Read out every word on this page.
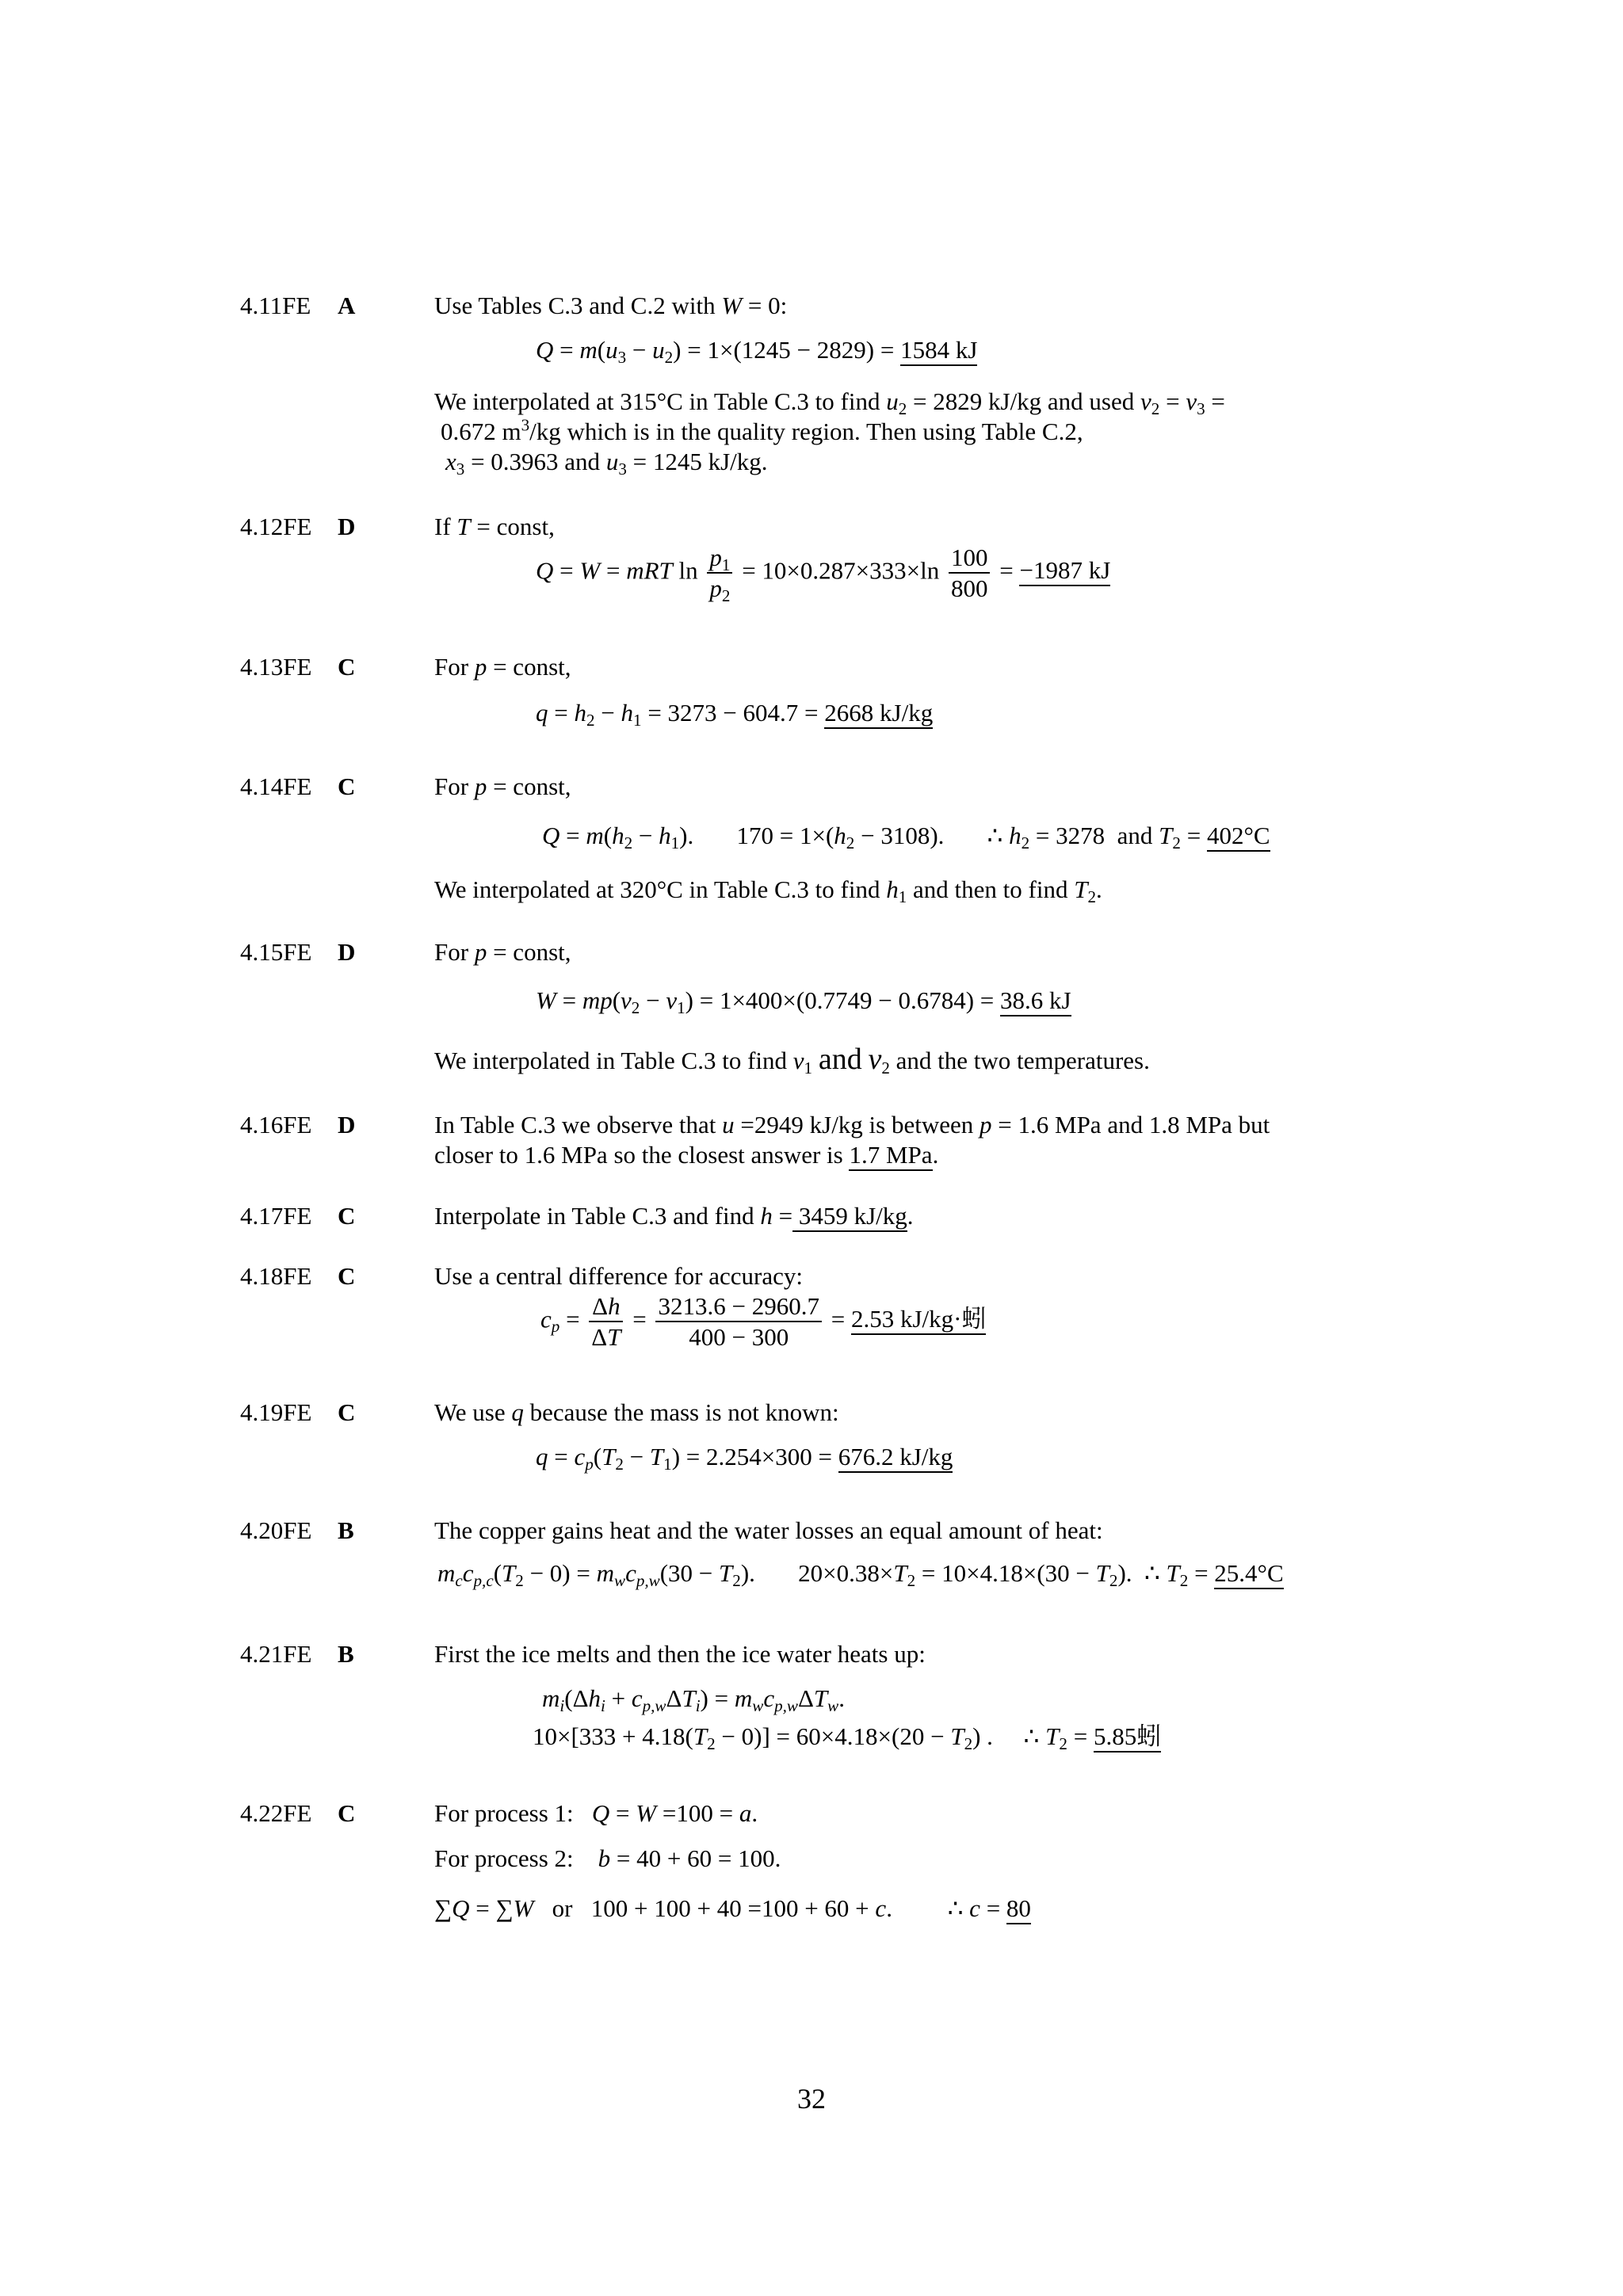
4.11FE A	Use Tables C.3 and C.2 with W = 0:
$Q = m(u_3 - u_2) = 1\times(1245 - 2829) = 1584$ kJ
We interpolated at 315°C in Table C.3 to find $u_2 = 2829$ kJ/kg and used $v_2 = v_3$ =
0.672 $m^3/kg$ which is in the quality region. Then using Table C.2,
$x_3 = 0.3963$ and $u_3 = 1245$ kJ/kg.
4.12FE D	If T = const,
Q = W = mRT $\ln \frac{p_1}{p_2} = 10\times 0.287\times 333\times\ln \frac{100}{800} = -1987$ kJ
4.13FE C	For p = const,
$q = h_2 - h_1 = 3273 - 604.7 = 2668$ kJ/kg
4.14FE C	For p = const,
$Q = m(h_2 - h_1)$.       $170 = 1\times(h_2 - 3108)$.       ∴ $h_2 = 3278$  and $T_2 = 402^\circ C$
We interpolated at 320°C in Table C.3 to find $h_1$ and then to find $T_2$.
4.15FE D	For p = const,
$W = mp(v_2 - v_1) = 1\times 400\times(0.7749 - 0.6784) = 38.6$ kJ
We interpolated in Table C.3 to find $v_1$ and $v_2$ and the two temperatures.
4.16FE D	In Table C.3 we observe that u =2949 kJ/kg is between p = 1.6 MPa and 1.8 MPa but
closer to 1.6 MPa so the closest answer is 1.7 MPa.
4.17FE C	Interpolate in Table C.3 and find h = 3459 kJ/kg.
4.18FE C	Use a central difference for accuracy:
$c_p = \frac{\Delta h}{\Delta T} = \frac{3213.6 - 2960.7}{400 - 300} = 2.53$ kJ/kg·蚓
4.19FE C	We use q because the mass is not known:
$q = c_p(T_2 - T_1) = 2.254\times 300 = 676.2$ kJ/kg
4.20FE B	The copper gains heat and the water losses an equal amount of heat:
$m_cc_{p,c}(T_2 - 0) = m_wc_{p,w}(30 - T_2)$.       $20\times 0.38\times T_2 = 10\times 4.18\times(30 - T_2)$.  ∴ $T_2 = 25.4^\circ C$
4.21FE B	First the ice melts and then the ice water heats up:
$m_i(\Delta h_i + c_{p,w}\Delta T_i) = m_wc_{p,w}\Delta T_w$.
$10\times[333 + 4.18(T_2 - 0)] = 60\times 4.18\times(20 - T_2)$ .     ∴ $T_2 = 5.85$蚓
4.22FE C	For process 1: Q = W =100 = a.
For process 2: b = 40 + 60 = 100.
∑Q = ∑W   or   100 + 100 + 40 =100 + 60 + c.         ∴ c = 80
32
